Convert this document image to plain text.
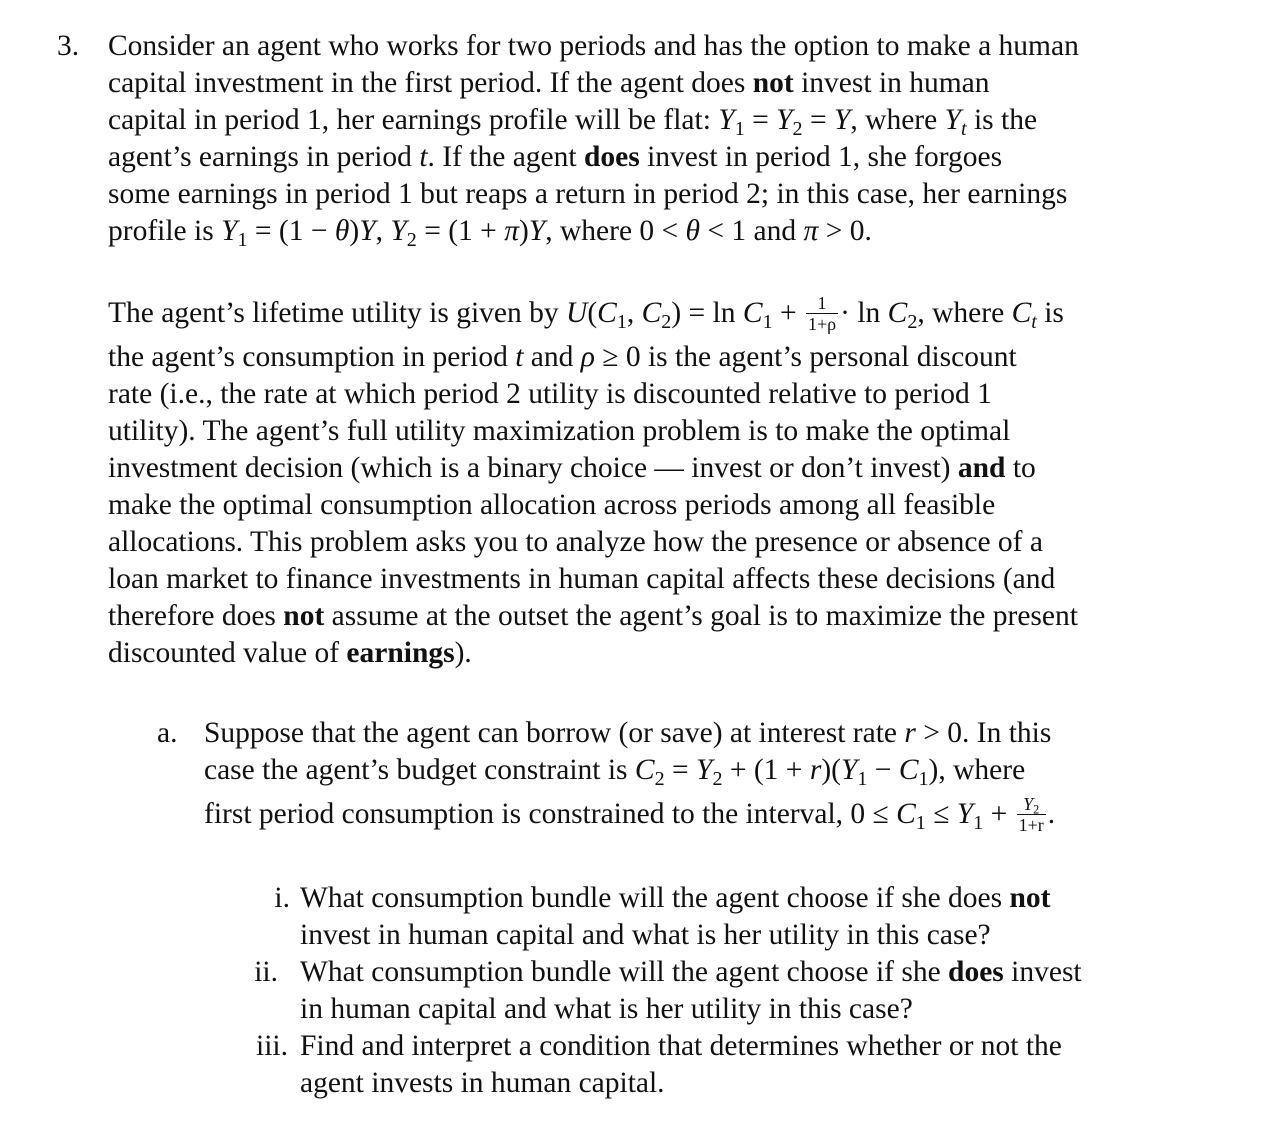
3. Consider an agent who works for two periods and has the option to make a human
capital investment in the first period. If the agent does not invest in human
capital in period 1, her earnings profile will be flat: $Y_1 = Y_2 = Y$, where $Y_t$ is the
agent’s earnings in period t. If the agent does invest in period 1, she forgoes
some earnings in period 1 but reaps a return in period 2; in this case, her earnings
profile is $Y_1 = (1 - \theta)Y$, $Y_2 = (1 + \pi)Y$, where 0 < θ < 1 and π > 0.
The agent’s lifetime utility is given by $U(C_1$, $C_2) = \ln C_1 + \frac{1}{1+\rho} \cdot \ln C_2$, where $C_t$ is
the agent’s consumption in period t and ρ ≥ 0 is the agent’s personal discount
rate (i.e., the rate at which period 2 utility is discounted relative to period 1
utility). The agent’s full utility maximization problem is to make the optimal
investment decision (which is a binary choice — invest or don’t invest) and to
make the optimal consumption allocation across periods among all feasible
allocations. This problem asks you to analyze how the presence or absence of a
loan market to finance investments in human capital affects these decisions (and
therefore does not assume at the outset the agent’s goal is to maximize the present
discounted value of earnings).
a. Suppose that the agent can borrow (or save) at interest rate r > 0. In this
case the agent’s budget constraint is $C_2 = Y_2 + (1 + r)(Y_1 - C_1)$, where
first period consumption is constrained to the interval, $0 \le C_1 \le Y_1 + \frac{Y_2}{1+r}$ .
i. What consumption bundle will the agent choose if she does not
invest in human capital and what is her utility in this case?
ii. What consumption bundle will the agent choose if she does invest
in human capital and what is her utility in this case?
iii. Find and interpret a condition that determines whether or not the
agent invests in human capital.
